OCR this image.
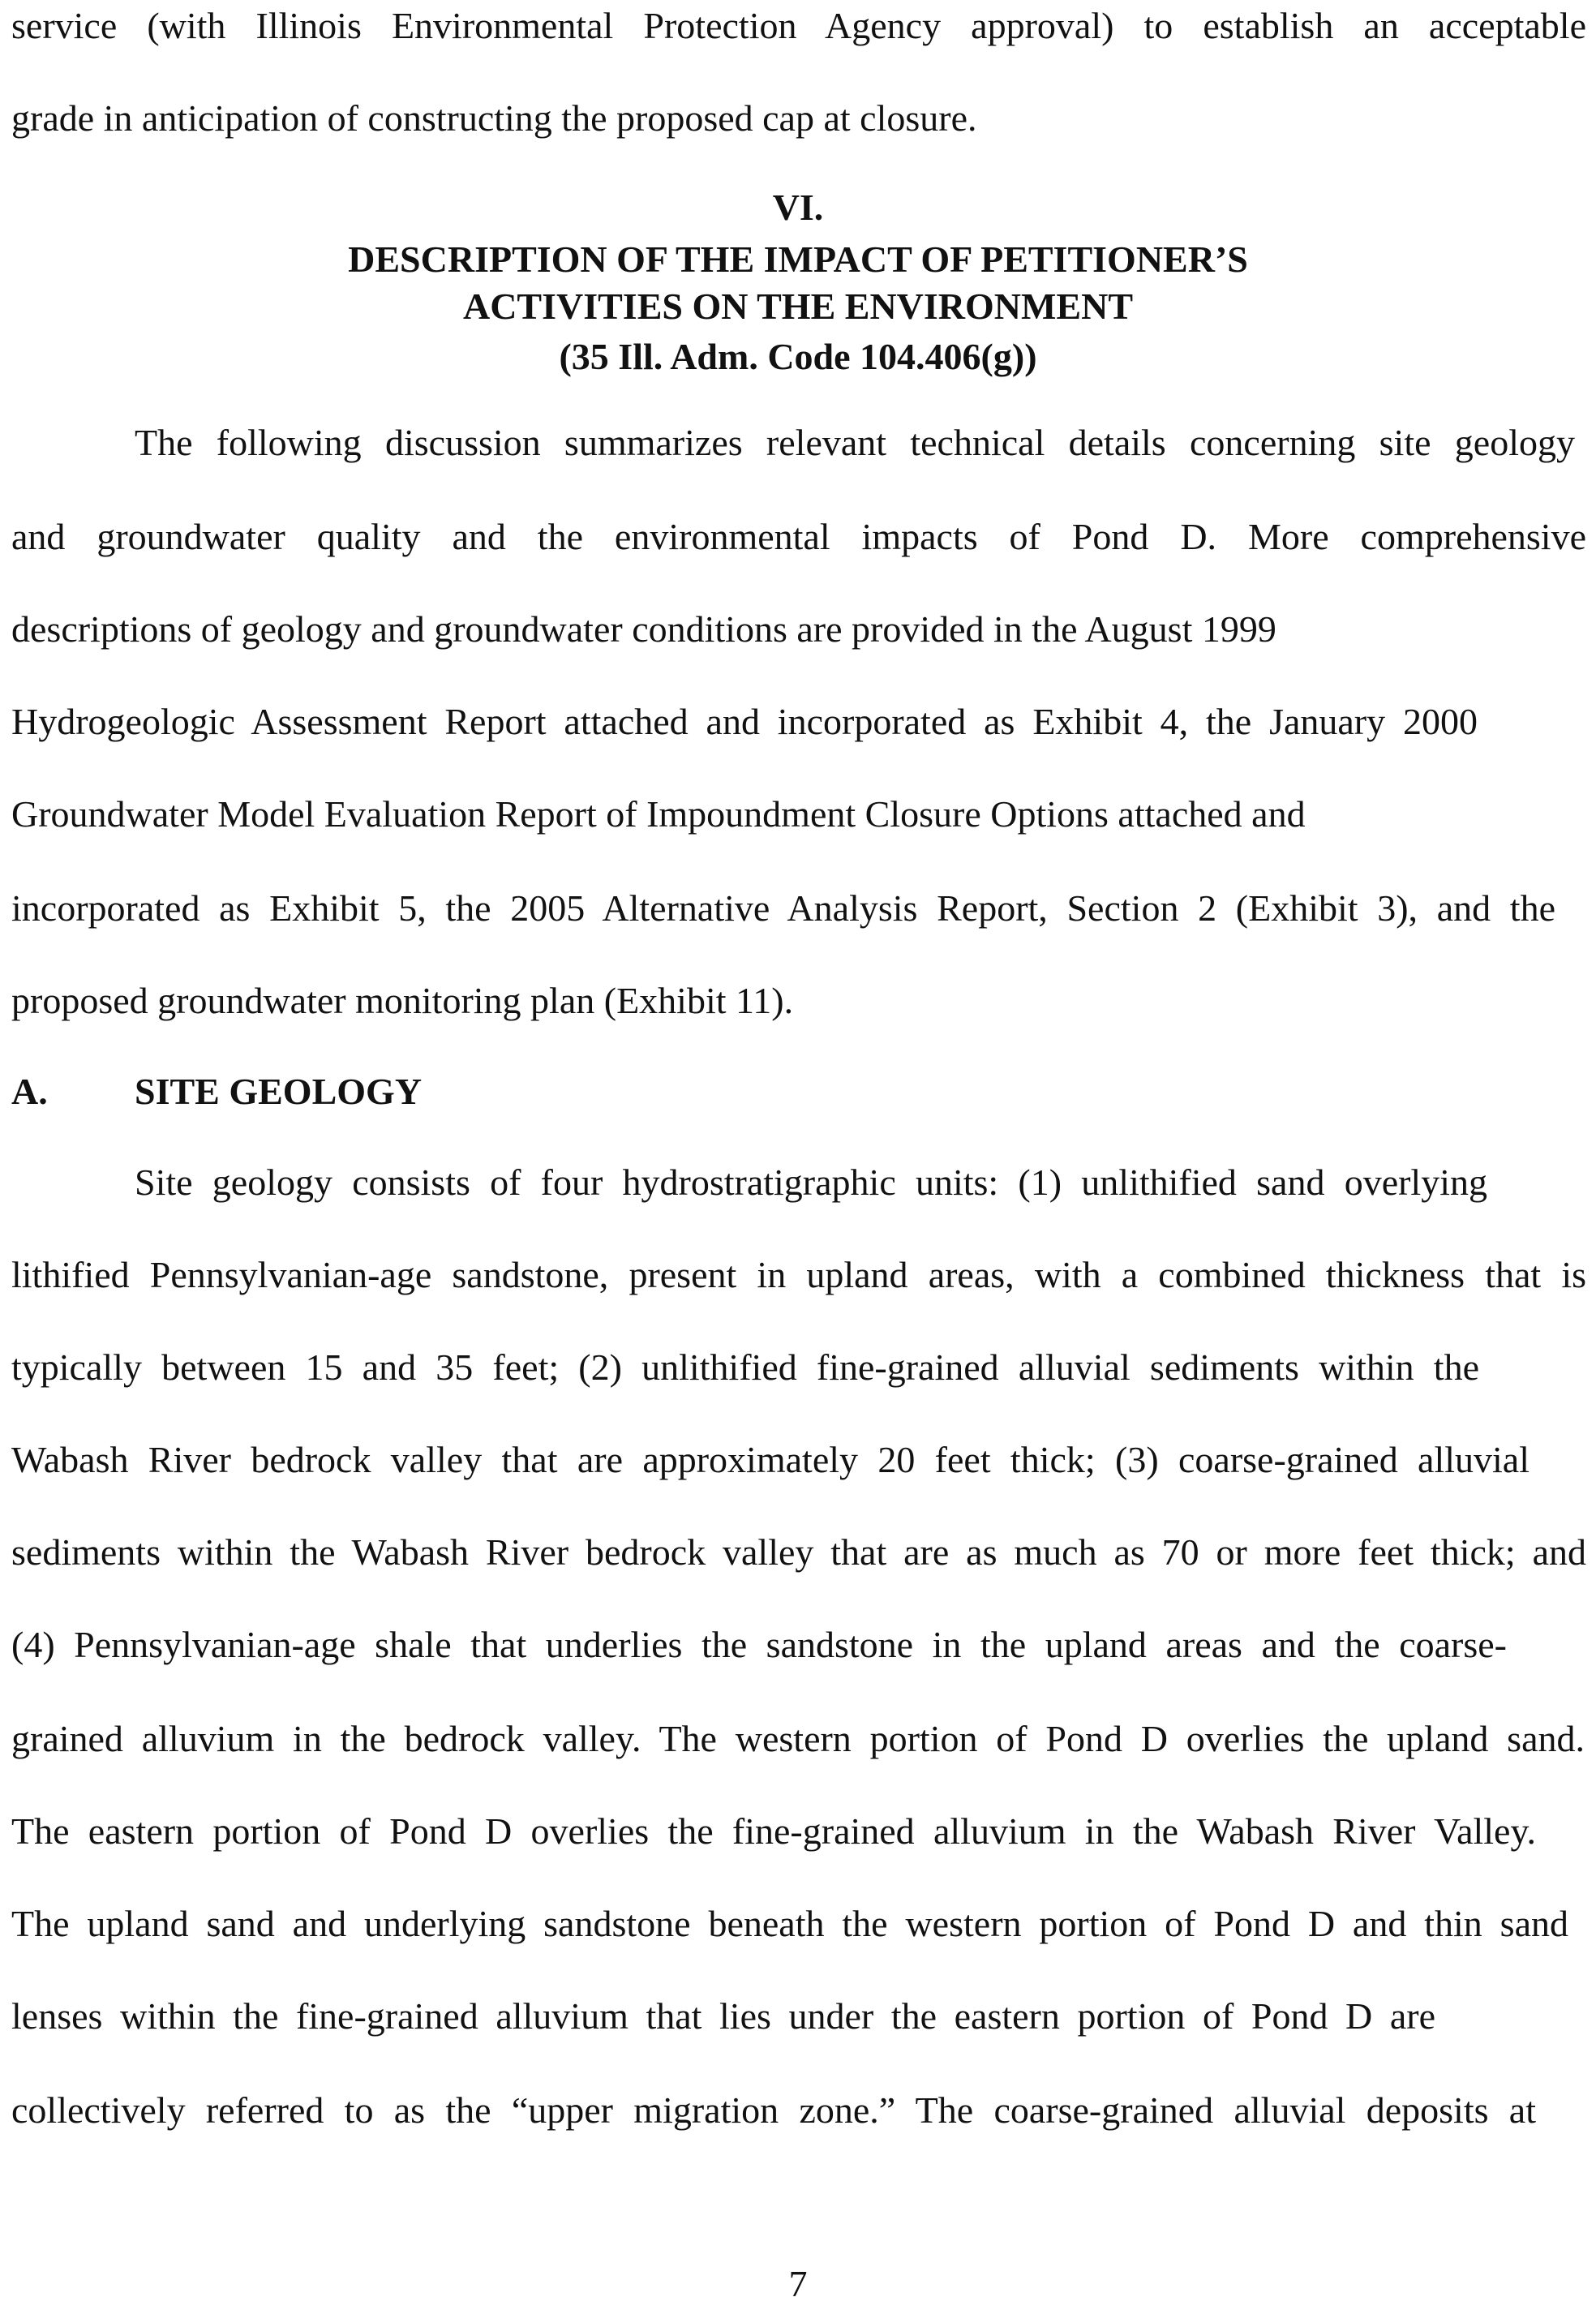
service (with Illinois Environmental Protection Agency approval) to establish an acceptable

grade in anticipation of constructing the proposed cap at closure.

VI.

DESCRIPTION OF THE IMPACT OF PETITIONER’S

ACTIVITIES ON THE ENVIRONMENT

(35 Ill. Adm. Code 104.406(g))

The following discussion summarizes relevant technical details concerning site geology

and groundwater quality and the environmental impacts of Pond D. More comprehensive

descriptions of geology and groundwater conditions are provided in the August 1999

Hydrogeologic Assessment Report attached and incorporated as Exhibit 4, the January 2000

Groundwater Model Evaluation Report of Impoundment Closure Options attached and

incorporated as Exhibit 5, the 2005 Alternative Analysis Report, Section 2 (Exhibit 3), and the

proposed groundwater monitoring plan (Exhibit 11).

A. SITE GEOLOGY

Site geology consists of four hydrostratigraphic units: (1) unlithified sand overlying

lithified Pennsylvanian-age sandstone, present in upland areas, with a combined thickness that is

typically between 15 and 35 feet; (2) unlithified fine-grained alluvial sediments within the

Wabash River bedrock valley that are approximately 20 feet thick; (3) coarse-grained alluvial

sediments within the Wabash River bedrock valley that are as much as 70 or more feet thick; and

(4) Pennsylvanian-age shale that underlies the sandstone in the upland areas and the coarse-

grained alluvium in the bedrock valley. The western portion of Pond D overlies the upland sand.

The eastern portion of Pond D overlies the fine-grained alluvium in the Wabash River Valley.

The upland sand and underlying sandstone beneath the western portion of Pond D and thin sand

lenses within the fine-grained alluvium that lies under the eastern portion of Pond D are

collectively referred to as the “upper migration zone.” The coarse-grained alluvial deposits at

7
